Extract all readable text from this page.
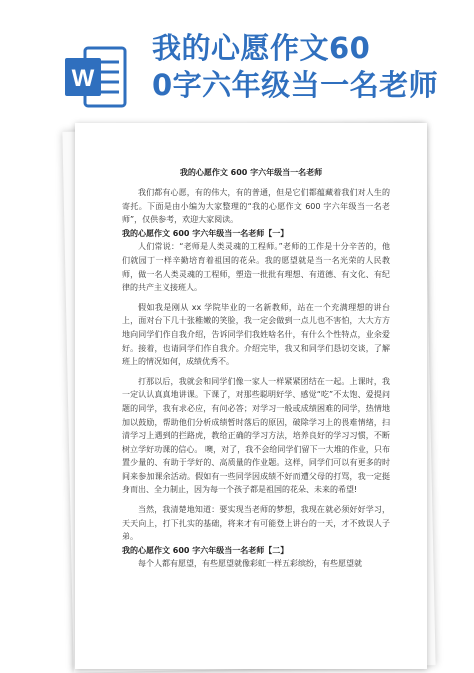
W
我的心愿作文60
0字六年级当一名老师
我的心愿作文 600 字六年级当一名老师

我们都有心愿，有的伟大，有的普通，但是它们都蕴藏着我们对人生的寄托。下面是由小编为大家整理的“我的心愿作文 600 字六年级当一名老师”，仅供参考，欢迎大家阅读。

我的心愿作文 600 字六年级当一名老师【一】

人们常说：“老师是人类灵魂的工程师。”老师的工作是十分辛苦的，他们就园丁一样辛勤培育着祖国的花朵。我的愿望就是当一名光荣的人民教师，做一名人类灵魂的工程师，塑造一批批有理想、有道德、有文化、有纪律的共产主义接班人。

假如我是刚从 xx 学院毕业的一名新教师，站在一个充满理想的讲台上，面对台下几十张稚嫩的笑脸，我一定会做到一点儿也不害怕，大大方方地向同学们作自我介绍，告诉同学们我姓啥名什，有什么个性特点，业余爱好。接着，也请同学们作自我介。介绍完毕，我又和同学们恳切交谈，了解班上的情况如何，成绩优秀不。

打那以后，我就会和同学们像一家人一样紧紧团结在一起。上课时，我一定认认真真地讲课。下课了，对那些聪明好学、感觉“吃”不太饱、爱提问题的同学，我有求必应，有问必答；对学习一般或成绩困难的同学，热情地加以鼓励，帮助他们分析成绩暂时落后的原因，破除学习上的畏难情绪，扫清学习上遇到的拦路虎，教给正确的学习方法，培养良好的学习习惯，不断树立学好功课的信心。 噢，对了，我不会给同学们留下一大堆的作业，只布置少量的、有助于学好的、高质量的作业题。这样，同学们可以有更多的时间来参加课余活动。假如有一些同学因成绩不好而遭父母的打骂，我一定挺身而出、全力制止，因为每一个孩子都是祖国的花朵、未来的希望!

当然，我清楚地知道：要实现当老师的梦想，我现在就必须好好学习，天天向上，打下扎实的基础，将来才有可能登上讲台的一天，才不致误人子弟。

我的心愿作文 600 字六年级当一名老师【二】

每个人都有愿望，有些愿望就像彩虹一样五彩缤纷，有些愿望就
